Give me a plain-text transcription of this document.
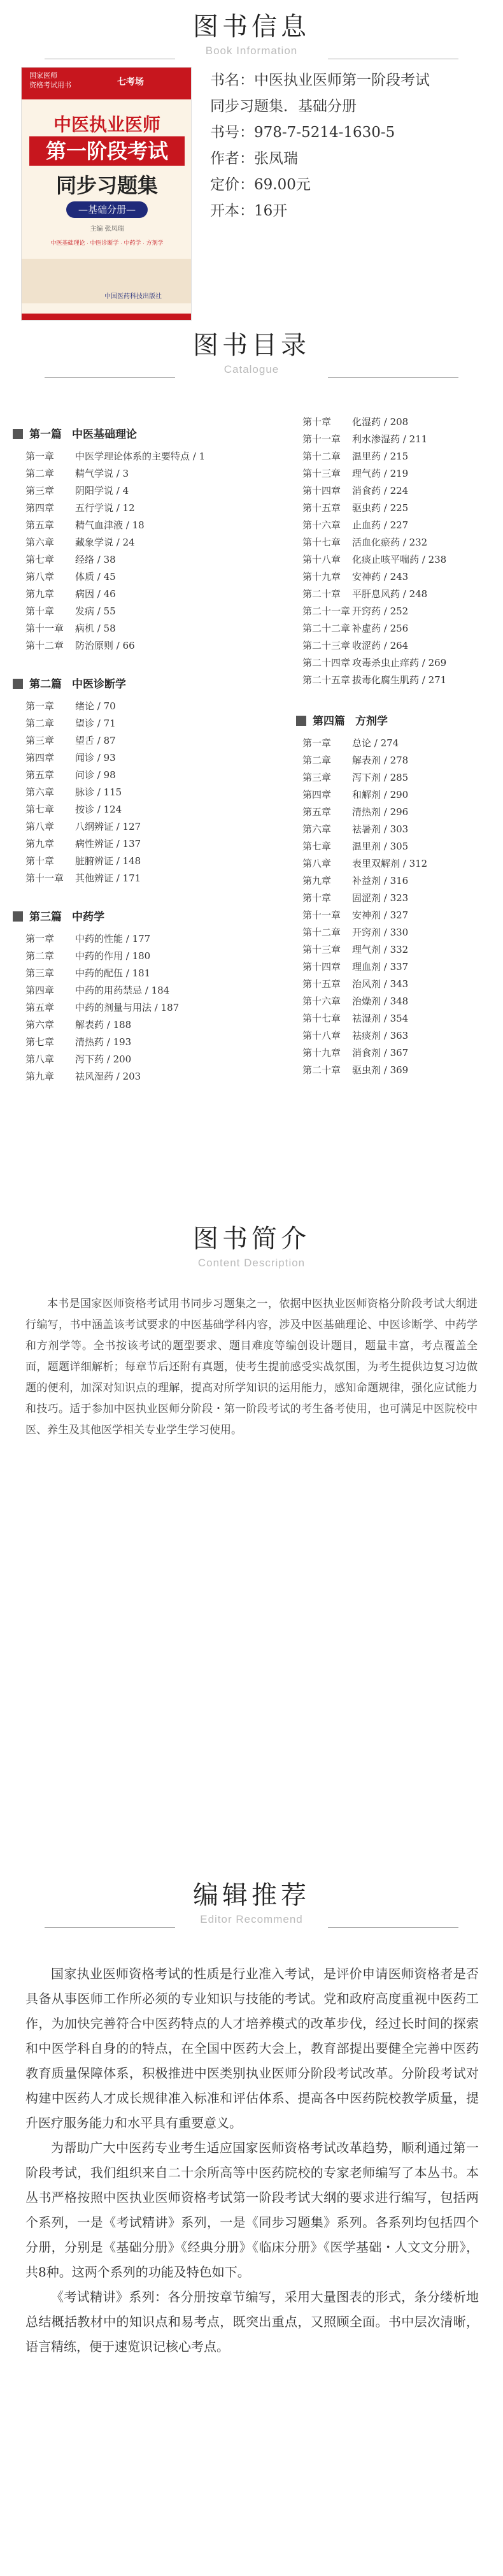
图书信息
Book Information
国家医师
资格考试用书	七考场
中医执业医师
第一阶段考试
同步习题集
—基础分册—
主编 张凤瑞
中医基础理论 · 中医诊断学 · 中药学 · 方剂学
中国医药科技出版社
书名：中医执业医师第一阶段考试
同步习题集．基础分册
书号：978-7-5214-1630-5
作者：张凤瑞
定价：69.00元
开本：16开
图书目录
Catalogue
第一篇 中医基础理论
第一章 中医学理论体系的主要特点 / 1
第二章 精气学说 / 3
第三章 阴阳学说 / 4
第四章 五行学说 / 12
第五章 精气血津液 / 18
第六章 藏象学说 / 24
第七章 经络 / 38
第八章 体质 / 45
第九章 病因 / 46
第十章 发病 / 55
第十一章 病机 / 58
第十二章 防治原则 / 66
第二篇 中医诊断学
第一章 绪论 / 70
第二章 望诊 / 71
第三章 望舌 / 87
第四章 闻诊 / 93
第五章 问诊 / 98
第六章 脉诊 / 115
第七章 按诊 / 124
第八章 八纲辨证 / 127
第九章 病性辨证 / 137
第十章 脏腑辨证 / 148
第十一章 其他辨证 / 171
第三篇 中药学
第一章 中药的性能 / 177
第二章 中药的作用 / 180
第三章 中药的配伍 / 181
第四章 中药的用药禁忌 / 184
第五章 中药的剂量与用法 / 187
第六章 解表药 / 188
第七章 清热药 / 193
第八章 泻下药 / 200
第九章 祛风湿药 / 203
第十章 化湿药 / 208
第十一章 利水渗湿药 / 211
第十二章 温里药 / 215
第十三章 理气药 / 219
第十四章 消食药 / 224
第十五章 驱虫药 / 225
第十六章 止血药 / 227
第十七章 活血化瘀药 / 232
第十八章 化痰止咳平喘药 / 238
第十九章 安神药 / 243
第二十章 平肝息风药 / 248
第二十一章 开窍药 / 252
第二十二章 补虚药 / 256
第二十三章 收涩药 / 264
第二十四章 攻毒杀虫止痒药 / 269
第二十五章 拔毒化腐生肌药 / 271
第四篇 方剂学
第一章 总论 / 274
第二章 解表剂 / 278
第三章 泻下剂 / 285
第四章 和解剂 / 290
第五章 清热剂 / 296
第六章 祛暑剂 / 303
第七章 温里剂 / 305
第八章 表里双解剂 / 312
第九章 补益剂 / 316
第十章 固涩剂 / 323
第十一章 安神剂 / 327
第十二章 开窍剂 / 330
第十三章 理气剂 / 332
第十四章 理血剂 / 337
第十五章 治风剂 / 343
第十六章 治燥剂 / 348
第十七章 祛湿剂 / 354
第十八章 祛痰剂 / 363
第十九章 消食剂 / 367
第二十章 驱虫剂 / 369
图书简介
Content Description

本书是国家医师资格考试用书同步习题集之一，依据中医执业医师资格分阶段考试大纲进行编写，书中涵盖该考试要求的中医基础学科内容，涉及中医基础理论、中医诊断学、中药学和方剂学等。全书按该考试的题型要求、题目难度等编创设计题目，题量丰富，考点覆盖全面，题题详细解析；每章节后还附有真题，使考生提前感受实战氛围，为考生提供边复习边做题的便利，加深对知识点的理解，提高对所学知识的运用能力，感知命题规律，强化应试能力和技巧。适于参加中医执业医师分阶段・第一阶段考试的考生备考使用，也可满足中医院校中医、养生及其他医学相关专业学生学习使用。

编辑推荐
Editor Recommend

国家执业医师资格考试的性质是行业准入考试，是评价申请医师资格者是否具备从事医师工作所必须的专业知识与技能的考试。党和政府高度重视中医药工作，为加快完善符合中医药特点的人才培养模式的改革步伐，经过长时间的探索和中医学科自身的的特点，在全国中医药大会上，教育部提出要健全完善中医药教育质量保障体系，积极推进中医类别执业医师分阶段考试改革。分阶段考试对构建中医药人才成长规律准入标准和评估体系、提高各中医药院校教学质量，提升医疗服务能力和水平具有重要意义。

为帮助广大中医药专业考生适应国家医师资格考试改革趋势，顺利通过第一阶段考试，我们组织来自二十余所高等中医药院校的专家老师编写了本丛书。本丛书严格按照中医执业医师资格考试第一阶段考试大纲的要求进行编写，包括两个系列，一是《考试精讲》系列，一是《同步习题集》系列。各系列均包括四个分册，分别是《基础分册》《经典分册》《临床分册》《医学基础・人文文分册》，共8种。这两个系列的功能及特色如下。

《考试精讲》系列：各分册按章节编写，采用大量图表的形式，条分缕析地总结概括教材中的知识点和易考点，既突出重点，又照顾全面。书中层次清晰，语言精练，便于速览识记核心考点。
